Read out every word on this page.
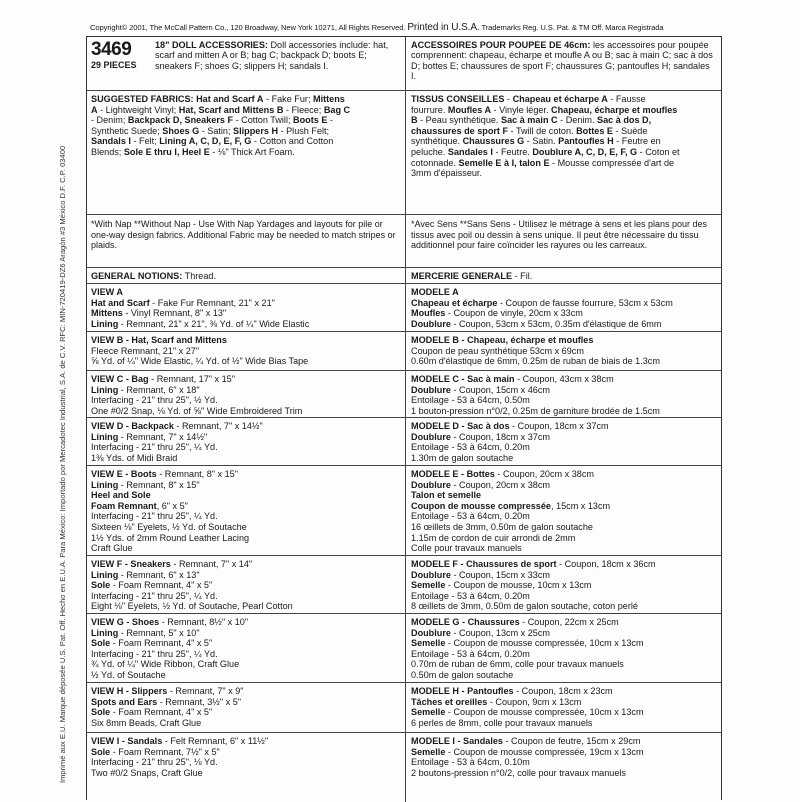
Copyright© 2001, The McCall Pattern Co., 120 Broadway, New York 10271, All Rights Reserved. Printed in U.S.A. Trademarks Reg. U.S. Pat. & TM Off. Marca Registrada
Imprimé aux E.U. Marque déposée U.S. Pat. Off. Hecho en E.U.A. Para México: Importado por Mercadotec Industrial, S.A. de C.V. RFC: MIN-720419-DZ6 Aragón #3 México D.F. C.P. 03400
3469
29 PIECES
18" DOLL ACCESSORIES: Doll accessories include: hat, scarf and mitten A or B; bag C; backpack D; boots E; sneakers F; shoes G; slippers H; sandals I.
ACCESSOIRES POUR POUPEE DE 46cm: les accessoires pour poupée comprennent: chapeau, écharpe et moufle A ou B; sac à main C; sac à dos D; bottes E; chaussures de sport F; chaussures G; pantoufles H; sandales I.
SUGGESTED FABRICS: Hat and Scarf A - Fake Fur; Mittens
A - Lightweight Vinyl; Hat, Scarf and Mittens B - Fleece; Bag C
- Denim; Backpack D, Sneakers F - Cotton Twill; Boots E -
Synthetic Suede; Shoes G - Satin; Slippers H - Plush Felt;
Sandals I - Felt; Lining A, C, D, E, F, G - Cotton and Cotton
Blends; Sole E thru I, Heel E - ⅛" Thick Art Foam.
TISSUS CONSEILLES - Chapeau et écharpe A - Fausse
fourrure. Moufles A - Vinyle léger. Chapeau, écharpe et moufles
B - Peau synthétique. Sac à main C - Denim. Sac à dos D,
chaussures de sport F - Twill de coton. Bottes E - Suède
synthétique. Chaussures G - Satin. Pantoufles H - Feutre en
peluche. Sandales I - Feutre. Doublure A, C, D, E, F, G - Coton et
cotonnade. Semelle E à I, talon E - Mousse compressée d'art de
3mm d'épaisseur.
*With Nap **Without Nap - Use With Nap Yardages and layouts for pile or one-way design fabrics. Additional Fabric may be needed to match stripes or plaids.
*Avec Sens **Sans Sens - Utilisez le métrage à sens et les plans pour des tissus avec poil ou dessin à sens unique. Il peut être nécessaire du tissu additionnel pour faire coïncider les rayures ou les carreaux.
GENERAL NOTIONS: Thread.	MERCERIE GENERALE - Fil.
VIEW A
Hat and Scarf - Fake Fur Remnant, 21" x 21"
Mittens - Vinyl Remnant, 8" x 13"
Lining - Remnant, 21" x 21", ⅜ Yd. of ¼" Wide Elastic
MODELE A
Chapeau et écharpe - Coupon de fausse fourrure, 53cm x 53cm
Moufles - Coupon de vinyle, 20cm x 33cm
Doublure - Coupon, 53cm x 53cm, 0.35m d'élastique de 6mm
VIEW B - Hat, Scarf and Mittens
Fleece Remnant, 21" x 27"
⅝ Yd. of ¼" Wide Elastic, ¼ Yd. of ½" Wide Bias Tape
MODELE B - Chapeau, écharpe et moufles
Coupon de peau synthétique 53cm x 69cm
0.60m d'élastique de 6mm, 0.25m de ruban de biais de 1.3cm
VIEW C - Bag - Remnant, 17" x 15"
Lining - Remnant, 6" x 18"
Interfacing - 21" thru 25", ½ Yd.
One #0/2 Snap, ⅛ Yd. of ⅝" Wide Embroidered Trim
MODELE C - Sac à main - Coupon, 43cm x 38cm
Doublure - Coupon, 15cm x 46cm
Entoilage - 53 à 64cm, 0.50m
1 bouton-pression n°0/2, 0.25m de garniture brodée de 1.5cm
VIEW D - Backpack - Remnant, 7" x 14½"
Lining - Remnant, 7" x 14½"
Interfacing - 21" thru 25", ¼ Yd.
1⅜ Yds. of Midi Braid
MODELE D - Sac à dos - Coupon, 18cm x 37cm
Doublure - Coupon, 18cm x 37cm
Entoilage - 53 à 64cm, 0.20m
1.30m de galon soutache
VIEW E - Boots - Remnant, 8" x 15"
Lining - Remnant, 8" x 15"
Heel and Sole
Foam Remnant, 6" x 5"
Interfacing - 21" thru 25", ¼ Yd.
Sixteen ⅛" Eyelets, ½ Yd. of Soutache
1½ Yds. of 2mm Round Leather Lacing
Craft Glue
MODELE E - Bottes - Coupon, 20cm x 38cm
Doublure - Coupon, 20cm x 38cm
Talon et semelle
Coupon de mousse compressée, 15cm x 13cm
Entoilage - 53 à 64cm, 0.20m
16 œillets de 3mm, 0.50m de galon soutache
1.15m de cordon de cuir arrondi de 2mm
Colle pour travaux manuels
VIEW F - Sneakers - Remnant, 7" x 14"
Lining - Remnant, 6" x 13"
Sole - Foam Remnant, 4" x 5"
Interfacing - 21" thru 25", ¼ Yd.
Eight ⅛" Eyelets, ½ Yd. of Soutache, Pearl Cotton
MODELE F - Chaussures de sport - Coupon, 18cm x 36cm
Doublure - Coupon, 15cm x 33cm
Semelle - Coupon de mousse, 10cm x 13cm
Entoilage - 53 à 64cm, 0.20m
8 œillets de 3mm, 0.50m de galon soutache, coton perlé
VIEW G - Shoes - Remnant, 8½" x 10"
Lining - Remnant, 5" x 10"
Sole - Foam Remnant, 4" x 5"
Interfacing - 21" thru 25", ¼ Yd.
¾ Yd. of ¼" Wide Ribbon, Craft Glue
½ Yd. of Soutache
MODELE G - Chaussures - Coupon, 22cm x 25cm
Doublure - Coupon, 13cm x 25cm
Semelle - Coupon de mousse compressée, 10cm x 13cm
Entoilage - 53 à 64cm, 0.20m
0.70m de ruban de 6mm, colle pour travaux manuels
0.50m de galon soutache
VIEW H - Slippers - Remnant, 7" x 9"
Spots and Ears - Remnant, 3½" x 5"
Sole - Foam Remnant, 4" x 5"
Six 8mm Beads, Craft Glue
MODELE H - Pantoufles - Coupon, 18cm x 23cm
Tâches et oreilles - Coupon, 9cm x 13cm
Semelle - Coupon de mousse compressée, 10cm x 13cm
6 perles de 8mm, colle pour travaux manuels
VIEW I - Sandals - Felt Remnant, 6" x 11½"
Sole - Foam Remnant, 7½" x 5"
Interfacing - 21" thru 25", ⅛ Yd.
Two #0/2 Snaps, Craft Glue
MODELE I - Sandales - Coupon de feutre, 15cm x 29cm
Semelle - Coupon de mousse compressée, 19cm x 13cm
Entoilage - 53 à 64cm, 0.10m
2 boutons-pression n°0/2, colle pour travaux manuels
